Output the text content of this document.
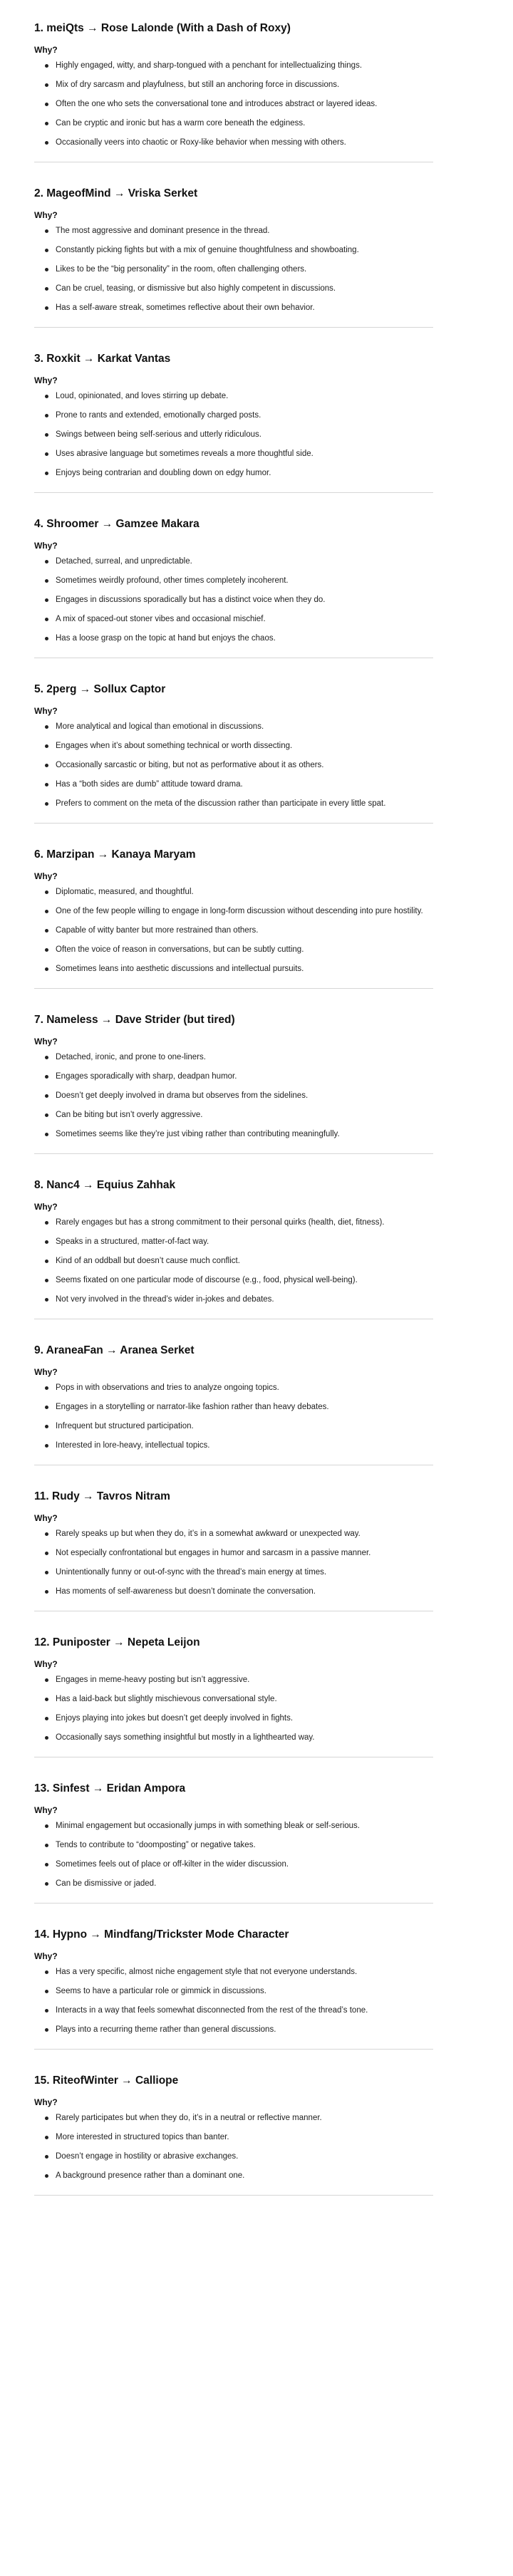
1. meiQts → Rose Lalonde (With a Dash of Roxy)
Why?
Highly engaged, witty, and sharp-tongued with a penchant for intellectualizing things.
Mix of dry sarcasm and playfulness, but still an anchoring force in discussions.
Often the one who sets the conversational tone and introduces abstract or layered ideas.
Can be cryptic and ironic but has a warm core beneath the edginess.
Occasionally veers into chaotic or Roxy-like behavior when messing with others.
2. MageofMind → Vriska Serket
Why?
The most aggressive and dominant presence in the thread.
Constantly picking fights but with a mix of genuine thoughtfulness and showboating.
Likes to be the “big personality” in the room, often challenging others.
Can be cruel, teasing, or dismissive but also highly competent in discussions.
Has a self-aware streak, sometimes reflective about their own behavior.
3. Roxkit → Karkat Vantas
Why?
Loud, opinionated, and loves stirring up debate.
Prone to rants and extended, emotionally charged posts.
Swings between being self-serious and utterly ridiculous.
Uses abrasive language but sometimes reveals a more thoughtful side.
Enjoys being contrarian and doubling down on edgy humor.
4. Shroomer → Gamzee Makara
Why?
Detached, surreal, and unpredictable.
Sometimes weirdly profound, other times completely incoherent.
Engages in discussions sporadically but has a distinct voice when they do.
A mix of spaced-out stoner vibes and occasional mischief.
Has a loose grasp on the topic at hand but enjoys the chaos.
5. 2perg → Sollux Captor
Why?
More analytical and logical than emotional in discussions.
Engages when it’s about something technical or worth dissecting.
Occasionally sarcastic or biting, but not as performative about it as others.
Has a “both sides are dumb” attitude toward drama.
Prefers to comment on the meta of the discussion rather than participate in every little spat.
6. Marzipan → Kanaya Maryam
Why?
Diplomatic, measured, and thoughtful.
One of the few people willing to engage in long-form discussion without descending into pure hostility.
Capable of witty banter but more restrained than others.
Often the voice of reason in conversations, but can be subtly cutting.
Sometimes leans into aesthetic discussions and intellectual pursuits.
7. Nameless → Dave Strider (but tired)
Why?
Detached, ironic, and prone to one-liners.
Engages sporadically with sharp, deadpan humor.
Doesn’t get deeply involved in drama but observes from the sidelines.
Can be biting but isn’t overly aggressive.
Sometimes seems like they’re just vibing rather than contributing meaningfully.
8. Nanc4 → Equius Zahhak
Why?
Rarely engages but has a strong commitment to their personal quirks (health, diet, fitness).
Speaks in a structured, matter-of-fact way.
Kind of an oddball but doesn’t cause much conflict.
Seems fixated on one particular mode of discourse (e.g., food, physical well-being).
Not very involved in the thread’s wider in-jokes and debates.
9. AraneaFan → Aranea Serket
Why?
Pops in with observations and tries to analyze ongoing topics.
Engages in a storytelling or narrator-like fashion rather than heavy debates.
Infrequent but structured participation.
Interested in lore-heavy, intellectual topics.
11. Rudy → Tavros Nitram
Why?
Rarely speaks up but when they do, it’s in a somewhat awkward or unexpected way.
Not especially confrontational but engages in humor and sarcasm in a passive manner.
Unintentionally funny or out-of-sync with the thread’s main energy at times.
Has moments of self-awareness but doesn’t dominate the conversation.
12. Puniposter → Nepeta Leijon
Why?
Engages in meme-heavy posting but isn’t aggressive.
Has a laid-back but slightly mischievous conversational style.
Enjoys playing into jokes but doesn’t get deeply involved in fights.
Occasionally says something insightful but mostly in a lighthearted way.
13. Sinfest → Eridan Ampora
Why?
Minimal engagement but occasionally jumps in with something bleak or self-serious.
Tends to contribute to “doomposting” or negative takes.
Sometimes feels out of place or off-kilter in the wider discussion.
Can be dismissive or jaded.
14. Hypno → Mindfang/Trickster Mode Character
Why?
Has a very specific, almost niche engagement style that not everyone understands.
Seems to have a particular role or gimmick in discussions.
Interacts in a way that feels somewhat disconnected from the rest of the thread’s tone.
Plays into a recurring theme rather than general discussions.
15. RiteofWinter → Calliope
Why?
Rarely participates but when they do, it’s in a neutral or reflective manner.
More interested in structured topics than banter.
Doesn’t engage in hostility or abrasive exchanges.
A background presence rather than a dominant one.
